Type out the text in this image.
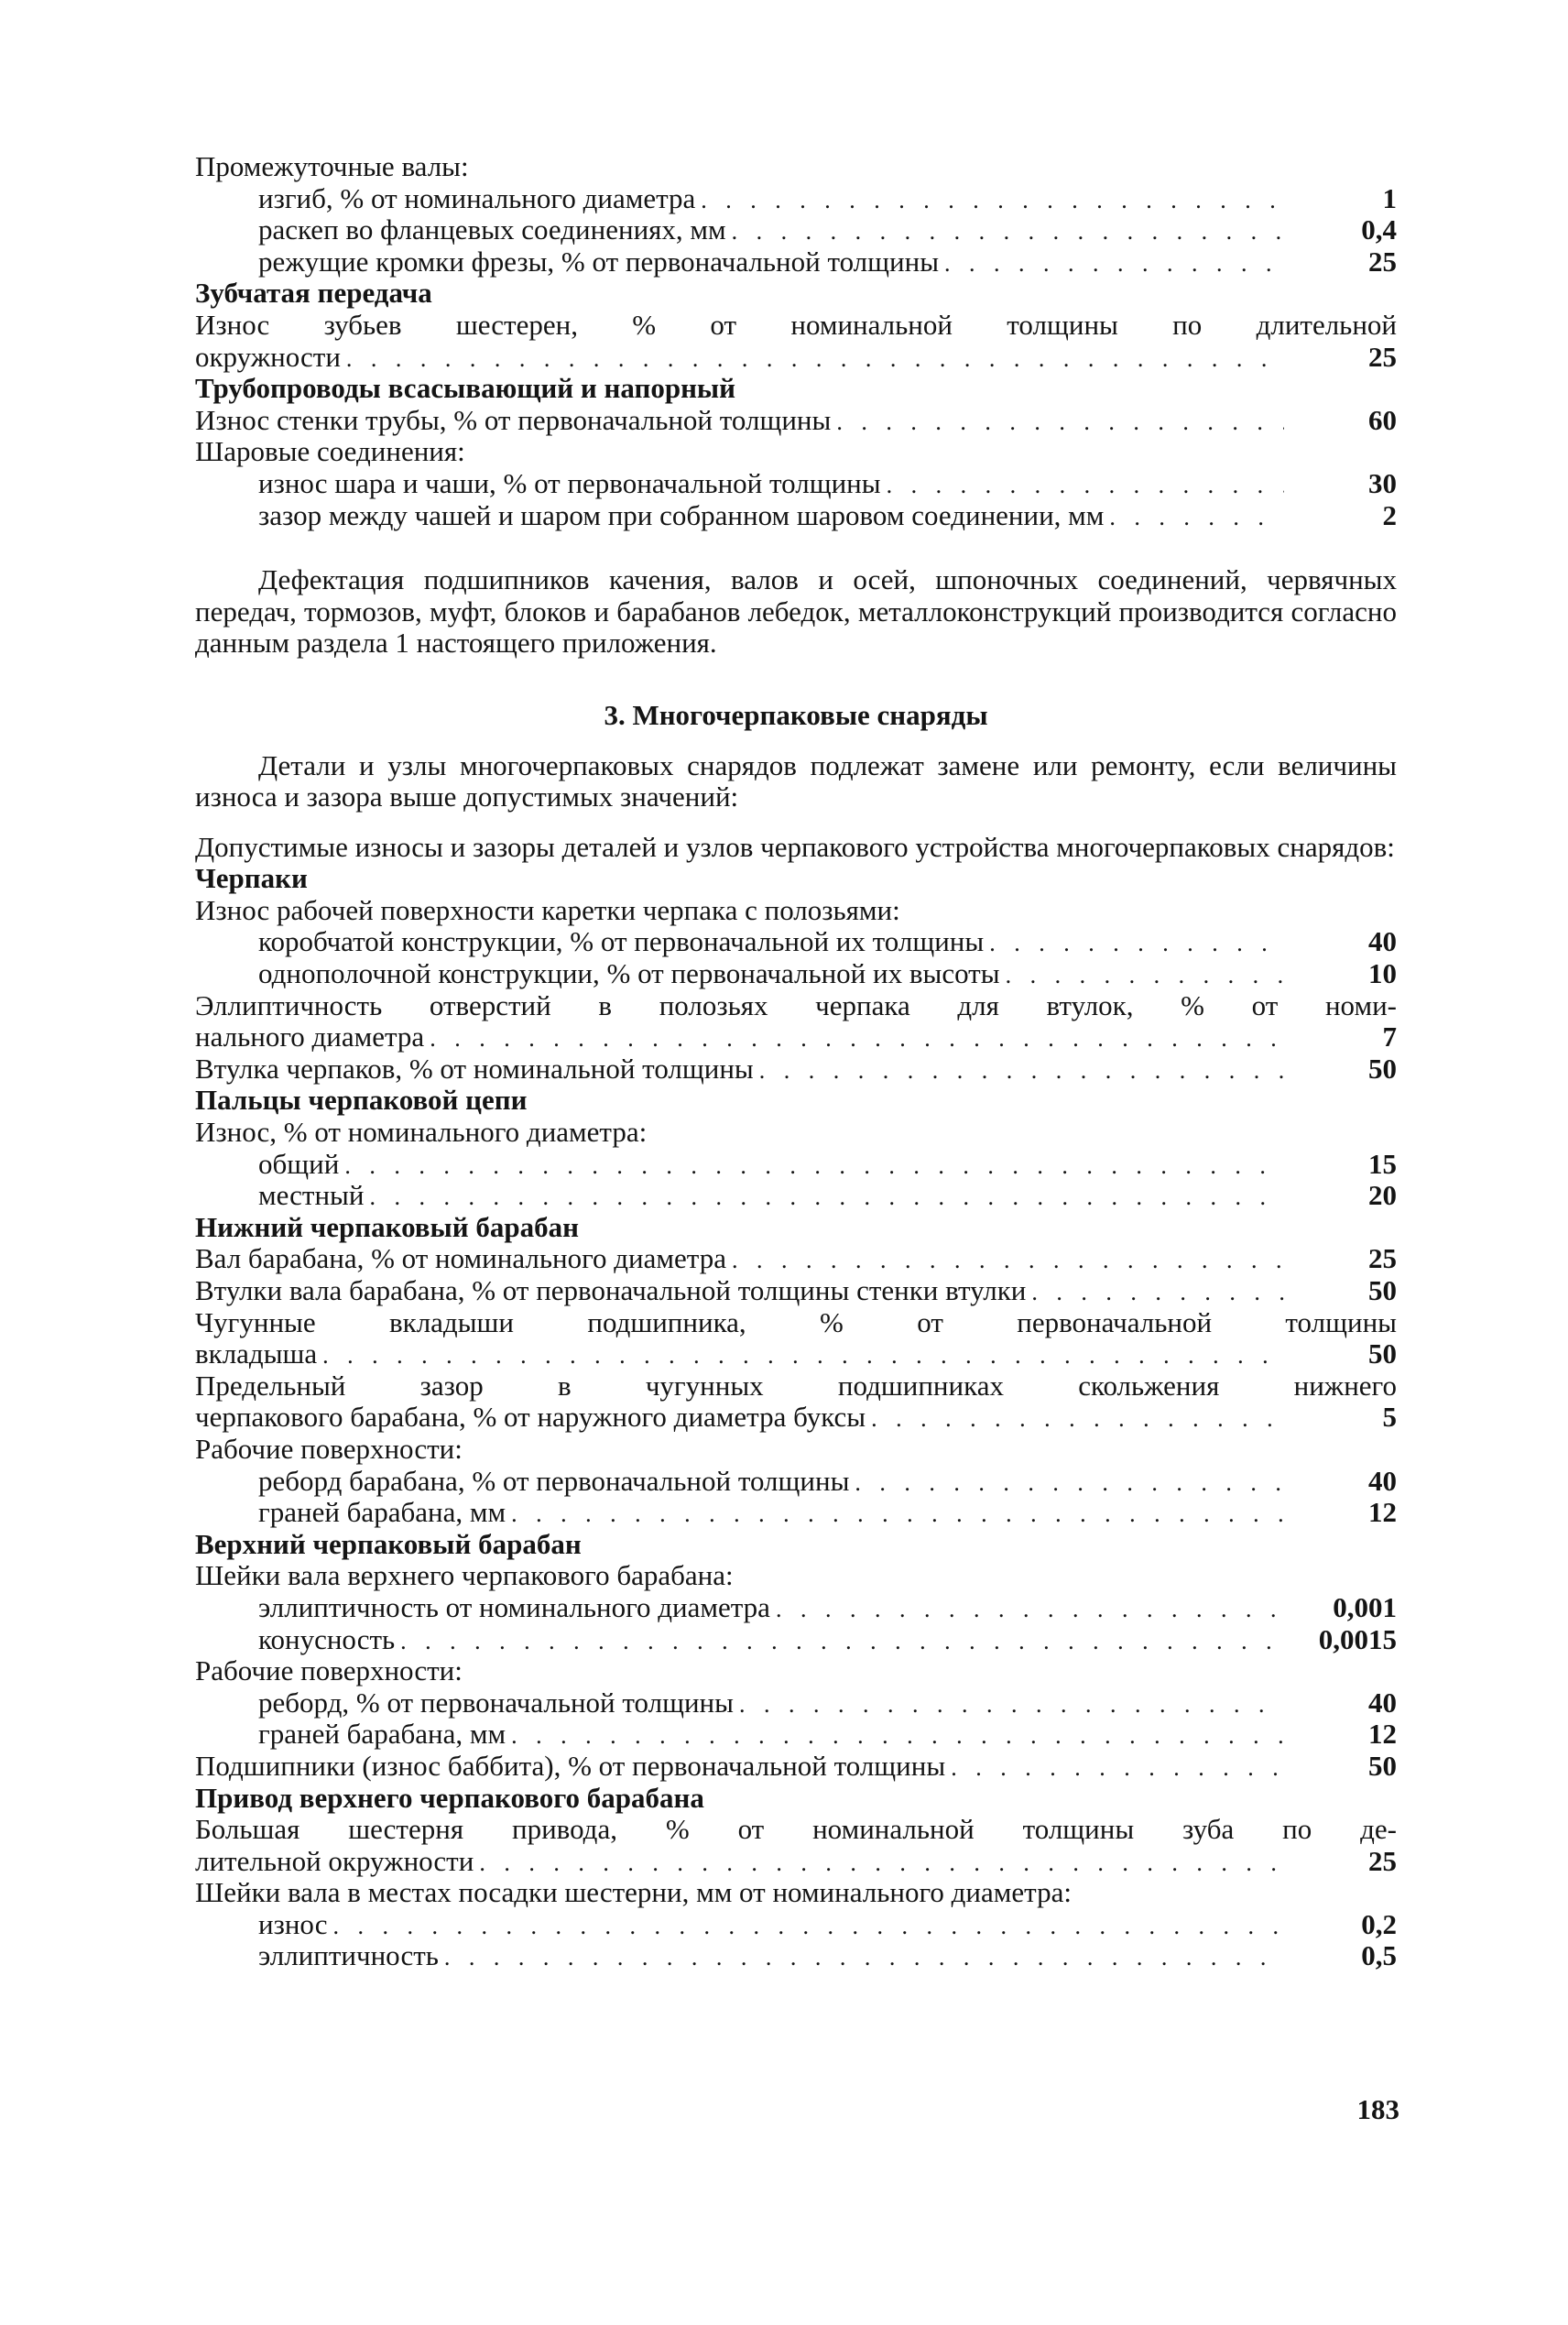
Промежуточные валы:
изгиб, % от номинального диаметра . . .	1
раскеп во фланцевых соединениях, мм . . .	0,4
режущие кромки фрезы, % от первоначальной толщины . . .	25
Зубчатая передача
Износ зубьев шестерен, % от номинальной толщины по длительной
окружности . . .	25
Трубопроводы всасывающий и напорный
Износ стенки трубы, % от первоначальной толщины . . .	60
Шаровые соединения:
износ шара и чаши, % от первоначальной толщины . . .	30
зазор между чашей и шаром при собранном шаровом соединении, мм . . .	2
Дефектация подшипников качения, валов и осей, шпоночных соединений, червячных передач, тормозов, муфт, блоков и барабанов лебедок, металлоконструкций производится согласно данным раздела 1 настоящего приложения.
3. Многочерпаковые снаряды
Детали и узлы многочерпаковых снарядов подлежат замене или ремонту, если величины износа и зазора выше допустимых значений:
Допустимые износы и зазоры деталей и узлов черпакового устройства многочерпаковых снарядов:
Черпаки
Износ рабочей поверхности каретки черпака с полозьями:
коробчатой конструкции, % от первоначальной их толщины . . .	40
однополочной конструкции, % от первоначальной их высоты . . .	10
Эллиптичность отверстий в полозьях черпака для втулок, % от номи-
нального диаметра . . .	7
Втулка черпаков, % от номинальной толщины . . .	50
Пальцы черпаковой цепи
Износ, % от номинального диаметра:
общий . . .	15
местный . . .	20
Нижний черпаковый барабан
Вал барабана, % от номинального диаметра . . .	25
Втулки вала барабана, % от первоначальной толщины стенки втулки . . .	50
Чугунные вкладыши подшипника, % от первоначальной толщины
вкладыша . . .	50
Предельный зазор в чугунных подшипниках скольжения нижнего
черпакового барабана, % от наружного диаметра буксы . . .	5
Рабочие поверхности:
реборд барабана, % от первоначальной толщины . . .	40
граней барабана, мм . . .	12
Верхний черпаковый барабан
Шейки вала верхнего черпакового барабана:
эллиптичность от номинального диаметра . . .	0,001
конусность . . .	0,0015
Рабочие поверхности:
реборд, % от первоначальной толщины . . .	40
граней барабана, мм . . .	12
Подшипники (износ баббита), % от первоначальной толщины . . .	50
Привод верхнего черпакового барабана
Большая шестерня привода, % от номинальной толщины зуба по де-
лительной окружности . . .	25
Шейки вала в местах посадки шестерни, мм от номинального диаметра:
износ . . .	0,2
эллиптичность . . .	0,5
183
